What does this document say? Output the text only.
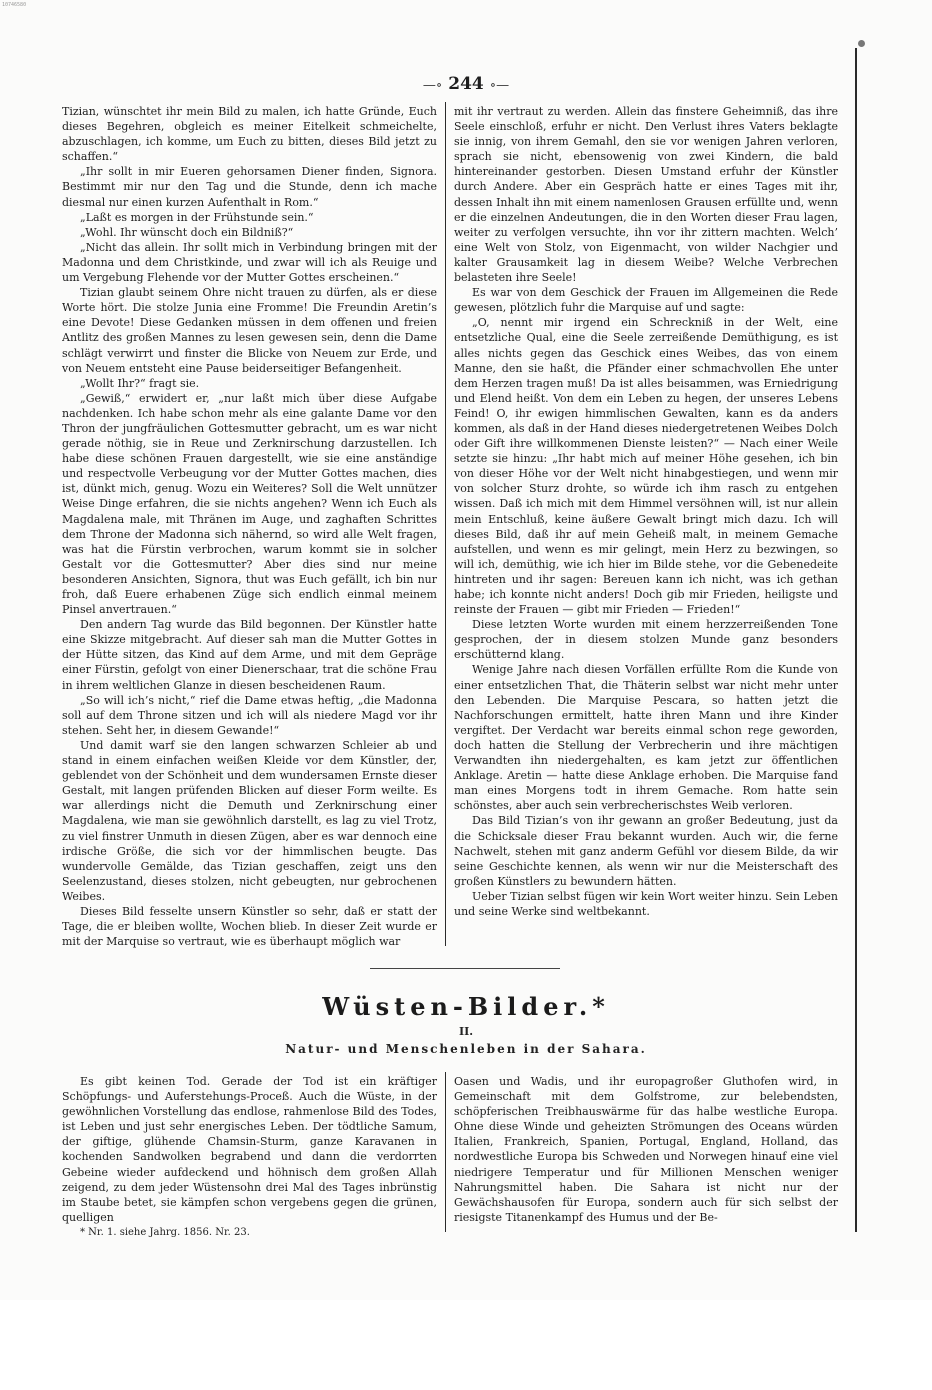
10746580
—∘ 244 ∘—

Tizian, wünschtet ihr mein Bild zu malen, ich hatte Gründe, Euch dieses Begehren, obgleich es meiner Eitelkeit schmeichelte, abzuschlagen, ich komme, um Euch zu bitten, dieses Bild jetzt zu schaffen.“

„Ihr sollt in mir Eueren gehorsamen Diener finden, Signora. Bestimmt mir nur den Tag und die Stunde, denn ich mache diesmal nur einen kurzen Aufenthalt in Rom.“

„Laßt es morgen in der Frühstunde sein.“

„Wohl. Ihr wünscht doch ein Bildniß?“

„Nicht das allein. Ihr sollt mich in Verbindung bringen mit der Madonna und dem Christkinde, und zwar will ich als Reuige und um Vergebung Flehende vor der Mutter Gottes erscheinen.“

Tizian glaubt seinem Ohre nicht trauen zu dürfen, als er diese Worte hört. Die stolze Junia eine Fromme! Die Freundin Aretin’s eine Devote! Diese Gedanken müssen in dem offenen und freien Antlitz des großen Mannes zu lesen gewesen sein, denn die Dame schlägt verwirrt und finster die Blicke von Neuem zur Erde, und von Neuem entsteht eine Pause beiderseitiger Befangenheit.

„Wollt Ihr?“ fragt sie.

„Gewiß,“ erwidert er, „nur laßt mich über diese Aufgabe nachdenken. Ich habe schon mehr als eine galante Dame vor den Thron der jungfräulichen Gottesmutter gebracht, um es war nicht gerade nöthig, sie in Reue und Zerknirschung darzustellen. Ich habe diese schönen Frauen dargestellt, wie sie eine anständige und respectvolle Verbeugung vor der Mutter Gottes machen, dies ist, dünkt mich, genug. Wozu ein Weiteres? Soll die Welt unnützer Weise Dinge erfahren, die sie nichts angehen? Wenn ich Euch als Magdalena male, mit Thränen im Auge, und zaghaften Schrittes dem Throne der Madonna sich nähernd, so wird alle Welt fragen, was hat die Fürstin verbrochen, warum kommt sie in solcher Gestalt vor die Gottesmutter? Aber dies sind nur meine besonderen Ansichten, Signora, thut was Euch gefällt, ich bin nur froh, daß Euere erhabenen Züge sich endlich einmal meinem Pinsel anvertrauen.“

Den andern Tag wurde das Bild begonnen. Der Künstler hatte eine Skizze mitgebracht. Auf dieser sah man die Mutter Gottes in der Hütte sitzen, das Kind auf dem Arme, und mit dem Gepräge einer Fürstin, gefolgt von einer Dienerschaar, trat die schöne Frau in ihrem weltlichen Glanze in diesen bescheidenen Raum.

„So will ich’s nicht,“ rief die Dame etwas heftig, „die Madonna soll auf dem Throne sitzen und ich will als niedere Magd vor ihr stehen. Seht her, in diesem Gewande!“

Und damit warf sie den langen schwarzen Schleier ab und stand in einem einfachen weißen Kleide vor dem Künstler, der, geblendet von der Schönheit und dem wundersamen Ernste dieser Gestalt, mit langen prüfenden Blicken auf dieser Form weilte. Es war allerdings nicht die Demuth und Zerknirschung einer Magdalena, wie man sie gewöhnlich darstellt, es lag zu viel Trotz, zu viel finstrer Unmuth in diesen Zügen, aber es war dennoch eine irdische Größe, die sich vor der himmlischen beugte. Das wundervolle Gemälde, das Tizian geschaffen, zeigt uns den Seelenzustand, dieses stolzen, nicht gebeugten, nur gebrochenen Weibes.

Dieses Bild fesselte unsern Künstler so sehr, daß er statt der Tage, die er bleiben wollte, Wochen blieb. In dieser Zeit wurde er mit der Marquise so vertraut, wie es überhaupt möglich war

mit ihr vertraut zu werden. Allein das finstere Geheimniß, das ihre Seele einschloß, erfuhr er nicht. Den Verlust ihres Vaters beklagte sie innig, von ihrem Gemahl, den sie vor wenigen Jahren verloren, sprach sie nicht, ebensowenig von zwei Kindern, die bald hintereinander gestorben. Diesen Umstand erfuhr der Künstler durch Andere. Aber ein Gespräch hatte er eines Tages mit ihr, dessen Inhalt ihn mit einem namenlosen Grausen erfüllte und, wenn er die einzelnen Andeutungen, die in den Worten dieser Frau lagen, weiter zu verfolgen versuchte, ihn vor ihr zittern machten. Welch’ eine Welt von Stolz, von Eigenmacht, von wilder Nachgier und kalter Grausamkeit lag in diesem Weibe? Welche Verbrechen belasteten ihre Seele!

Es war von dem Geschick der Frauen im Allgemeinen die Rede gewesen, plötzlich fuhr die Marquise auf und sagte:

„O, nennt mir irgend ein Schreckniß in der Welt, eine entsetzliche Qual, eine die Seele zerreißende Demüthigung, es ist alles nichts gegen das Geschick eines Weibes, das von einem Manne, den sie haßt, die Pfänder einer schmachvollen Ehe unter dem Herzen tragen muß! Da ist alles beisammen, was Erniedrigung und Elend heißt. Von dem ein Leben zu hegen, der unseres Lebens Feind! O, ihr ewigen himmlischen Gewalten, kann es da anders kommen, als daß in der Hand dieses niedergetretenen Weibes Dolch oder Gift ihre willkommenen Dienste leisten?“ — Nach einer Weile setzte sie hinzu: „Ihr habt mich auf meiner Höhe gesehen, ich bin von dieser Höhe vor der Welt nicht hinabgestiegen, und wenn mir von solcher Sturz drohte, so würde ich ihm rasch zu entgehen wissen. Daß ich mich mit dem Himmel versöhnen will, ist nur allein mein Entschluß, keine äußere Gewalt bringt mich dazu. Ich will dieses Bild, daß ihr auf mein Geheiß malt, in meinem Gemache aufstellen, und wenn es mir gelingt, mein Herz zu bezwingen, so will ich, demüthig, wie ich hier im Bilde stehe, vor die Gebenedeite hintreten und ihr sagen: Bereuen kann ich nicht, was ich gethan habe; ich konnte nicht anders! Doch gib mir Frieden, heiligste und reinste der Frauen — gibt mir Frieden — Frieden!“

Diese letzten Worte wurden mit einem herzzerreißenden Tone gesprochen, der in diesem stolzen Munde ganz besonders erschütternd klang.

Wenige Jahre nach diesen Vorfällen erfüllte Rom die Kunde von einer entsetzlichen That, die Thäterin selbst war nicht mehr unter den Lebenden. Die Marquise Pescara, so hatten jetzt die Nachforschungen ermittelt, hatte ihren Mann und ihre Kinder vergiftet. Der Verdacht war bereits einmal schon rege geworden, doch hatten die Stellung der Verbrecherin und ihre mächtigen Verwandten ihn niedergehalten, es kam jetzt zur öffentlichen Anklage. Aretin — hatte diese Anklage erhoben. Die Marquise fand man eines Morgens todt in ihrem Gemache. Rom hatte sein schönstes, aber auch sein verbrecherischstes Weib verloren.

Das Bild Tizian’s von ihr gewann an großer Bedeutung, just da die Schicksale dieser Frau bekannt wurden. Auch wir, die ferne Nachwelt, stehen mit ganz anderm Gefühl vor diesem Bilde, da wir seine Geschichte kennen, als wenn wir nur die Meisterschaft des großen Künstlers zu bewundern hätten.

Ueber Tizian selbst fügen wir kein Wort weiter hinzu. Sein Leben und seine Werke sind weltbekannt.

Wüsten-Bilder.*
II.
Natur- und Menschenleben in der Sahara.

Es gibt keinen Tod. Gerade der Tod ist ein kräftiger Schöpfungs- und Auferstehungs-Proceß. Auch die Wüste, in der gewöhnlichen Vorstellung das endlose, rahmenlose Bild des Todes, ist Leben und just sehr energisches Leben. Der tödtliche Samum, der giftige, glühende Chamsin-Sturm, ganze Karavanen in kochenden Sandwolken begrabend und dann die verdorrten Gebeine wieder aufdeckend und höhnisch dem großen Allah zeigend, zu dem jeder Wüstensohn drei Mal des Tages inbrünstig im Staube betet, sie kämpfen schon vergebens gegen die grünen, quelligen

* Nr. 1. siehe Jahrg. 1856. Nr. 23.

Oasen und Wadis, und ihr europagroßer Gluthofen wird, in Gemeinschaft mit dem Golfstrome, zur belebendsten, schöpferischen Treibhauswärme für das halbe westliche Europa. Ohne diese Winde und geheizten Strömungen des Oceans würden Italien, Frankreich, Spanien, Portugal, England, Holland, das nordwestliche Europa bis Schweden und Norwegen hinauf eine viel niedrigere Temperatur und für Millionen Menschen weniger Nahrungsmittel haben. Die Sahara ist nicht nur der Gewächshausofen für Europa, sondern auch für sich selbst der riesigste Titanenkampf des Humus und der Be-
